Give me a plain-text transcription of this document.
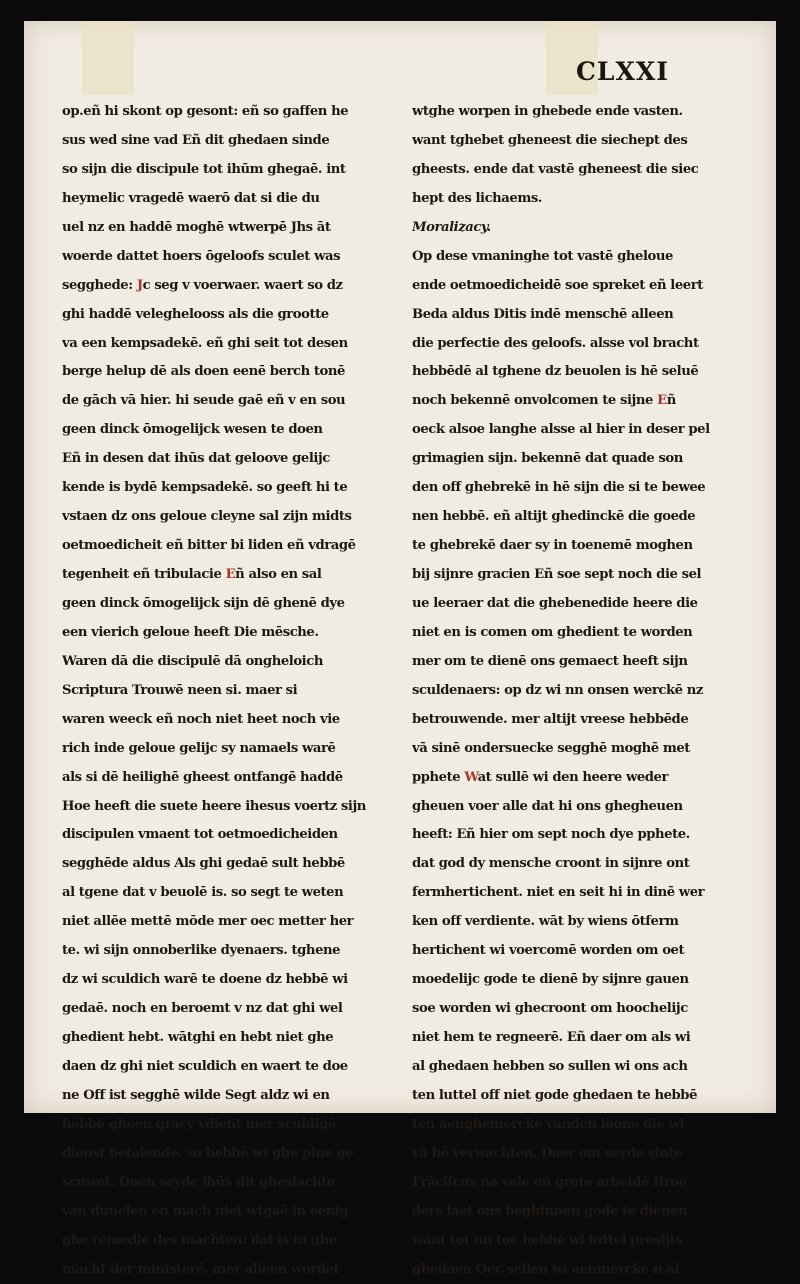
CLXXI
op.eñ hi skont op gesont: eñ so gaffen he
sus wed sine vad Eñ dit ghedaen sinde
so sijn die discipule tot ihūm ghegaē. int
heymelic vragedē waerō dat si die du
uel nz en haddē moghē wtwerpē Jhs āt
woerde dattet hoers ōgeloofs sculet was
segghede: Jc seg v voerwaer. waert so dz
ghi haddē veleghelooss als die grootte
va een kempsadekē. eñ ghi seit tot desen
berge helup dē als doen eenē berch tonē
de gāch vā hier. hi seude gaē eñ v en sou
geen dinck ōmogelijck wesen te doen
Eñ in desen dat ihūs dat geloove gelijc
kende is bydē kempsadekē. so geeft hi te
vstaen dz ons geloue cleyne sal zijn midts
oetmoedicheit eñ bitter bi liden eñ vdragē
tegenheit eñ tribulacie Eñ also en sal
geen dinck ōmogelijck sijn dē ghenē dye
een vierich geloue heeft Die mēsche.
Waren dā die discipulē dā ongheloich
Scriptura Trouwē neen si. maer si
waren weeck eñ noch niet heet noch vie
rich inde geloue gelijc sy namaels warē
als si dē heilighē gheest ontfangē haddē
Hoe heeft die suete heere ihesus voertz sijn
discipulen vmaent tot oetmoedicheiden
segghēde aldus Als ghi gedaē sult hebbē
al tgene dat v beuolē is. so segt te weten
niet allēe mettē mōde mer oec metter her
te. wi sijn onnoberlike dyenaers. tghene
dz wi sculdich warē te doene dz hebbē wi
gedaē. noch en beroemt v nz dat ghi wel
ghedient hebt. wātghi en hebt niet ghe
daen dz ghi niet sculdich en waert te doe
ne Off ist segghē wilde Segt aldz wi en
hebbē gheen gracy vdient mer sculdigē
dienst betalende. so hebbē wi ghe pine ge
scuwet. Doen seyde ihūs dit gheslachte
van duuelen en mach niet wtgaē in eenig
ghe remedie des machten: dat is in ghe
macht der ministerē. mer alleen wordet
wtghe worpen in ghebede ende vasten.
want tghebet gheneest die siechept des
gheests. ende dat vastē gheneest die siec
hept des lichaems.
Moralizacy.
Op dese vmaninghe tot vastē gheloue
ende oetmoedicheidē soe spreket eñ leert
Beda aldus Ditis indē menschē alleen
die perfectie des geloofs. alsse vol bracht
hebbēdē al tghene dz beuolen is hē seluē
noch bekennē onvolcomen te sijne Eñ
oeck alsoe langhe alsse al hier in deser pel
grimagien sijn. bekennē dat quade son
den off ghebrekē in hē sijn die si te bewee
nen hebbē. eñ altijt ghedinckē die goede
te ghebrekē daer sy in toenemē moghen
bij sijnre gracien Eñ soe sept noch die sel
ue leeraer dat die ghebenedide heere die
niet en is comen om ghedient te worden
mer om te dienē ons gemaect heeft sijn
sculdenaers: op dz wi nn onsen werckē nz
betrouwende. mer altijt vreese hebbēde
vā sinē ondersuecke segghē moghē met
pphete Wat sullē wi den heere weder
gheuen voer alle dat hi ons ghegheuen
heeft: Eñ hier om sept noch dye pphete.
dat god dy mensche croont in sijnre ont
fermhertichent. niet en seit hi in dinē wer
ken off verdiente. wāt by wiens ōtferm
hertichent wi voercomē worden om oet
moedelijc gode te dienē by sijnre gauen
soe worden wi ghecroont om hoochelijc
niet hem te regneerē. Eñ daer om als wi
al ghedaen hebben so sullen wi ons ach
ten luttel off niet gode ghedaen te hebbē
ten aenghemercke vanden loone die wi
vā hē verwachten. Daer om seyde sinte
Frācifcus na vele eñ grote arbeidē Broe
ders laet ons beghinnen gode te dienen
want tot nu toe hebbē wi luttel prosijts
ghedaen Oec sellen wi aenmercke n al
